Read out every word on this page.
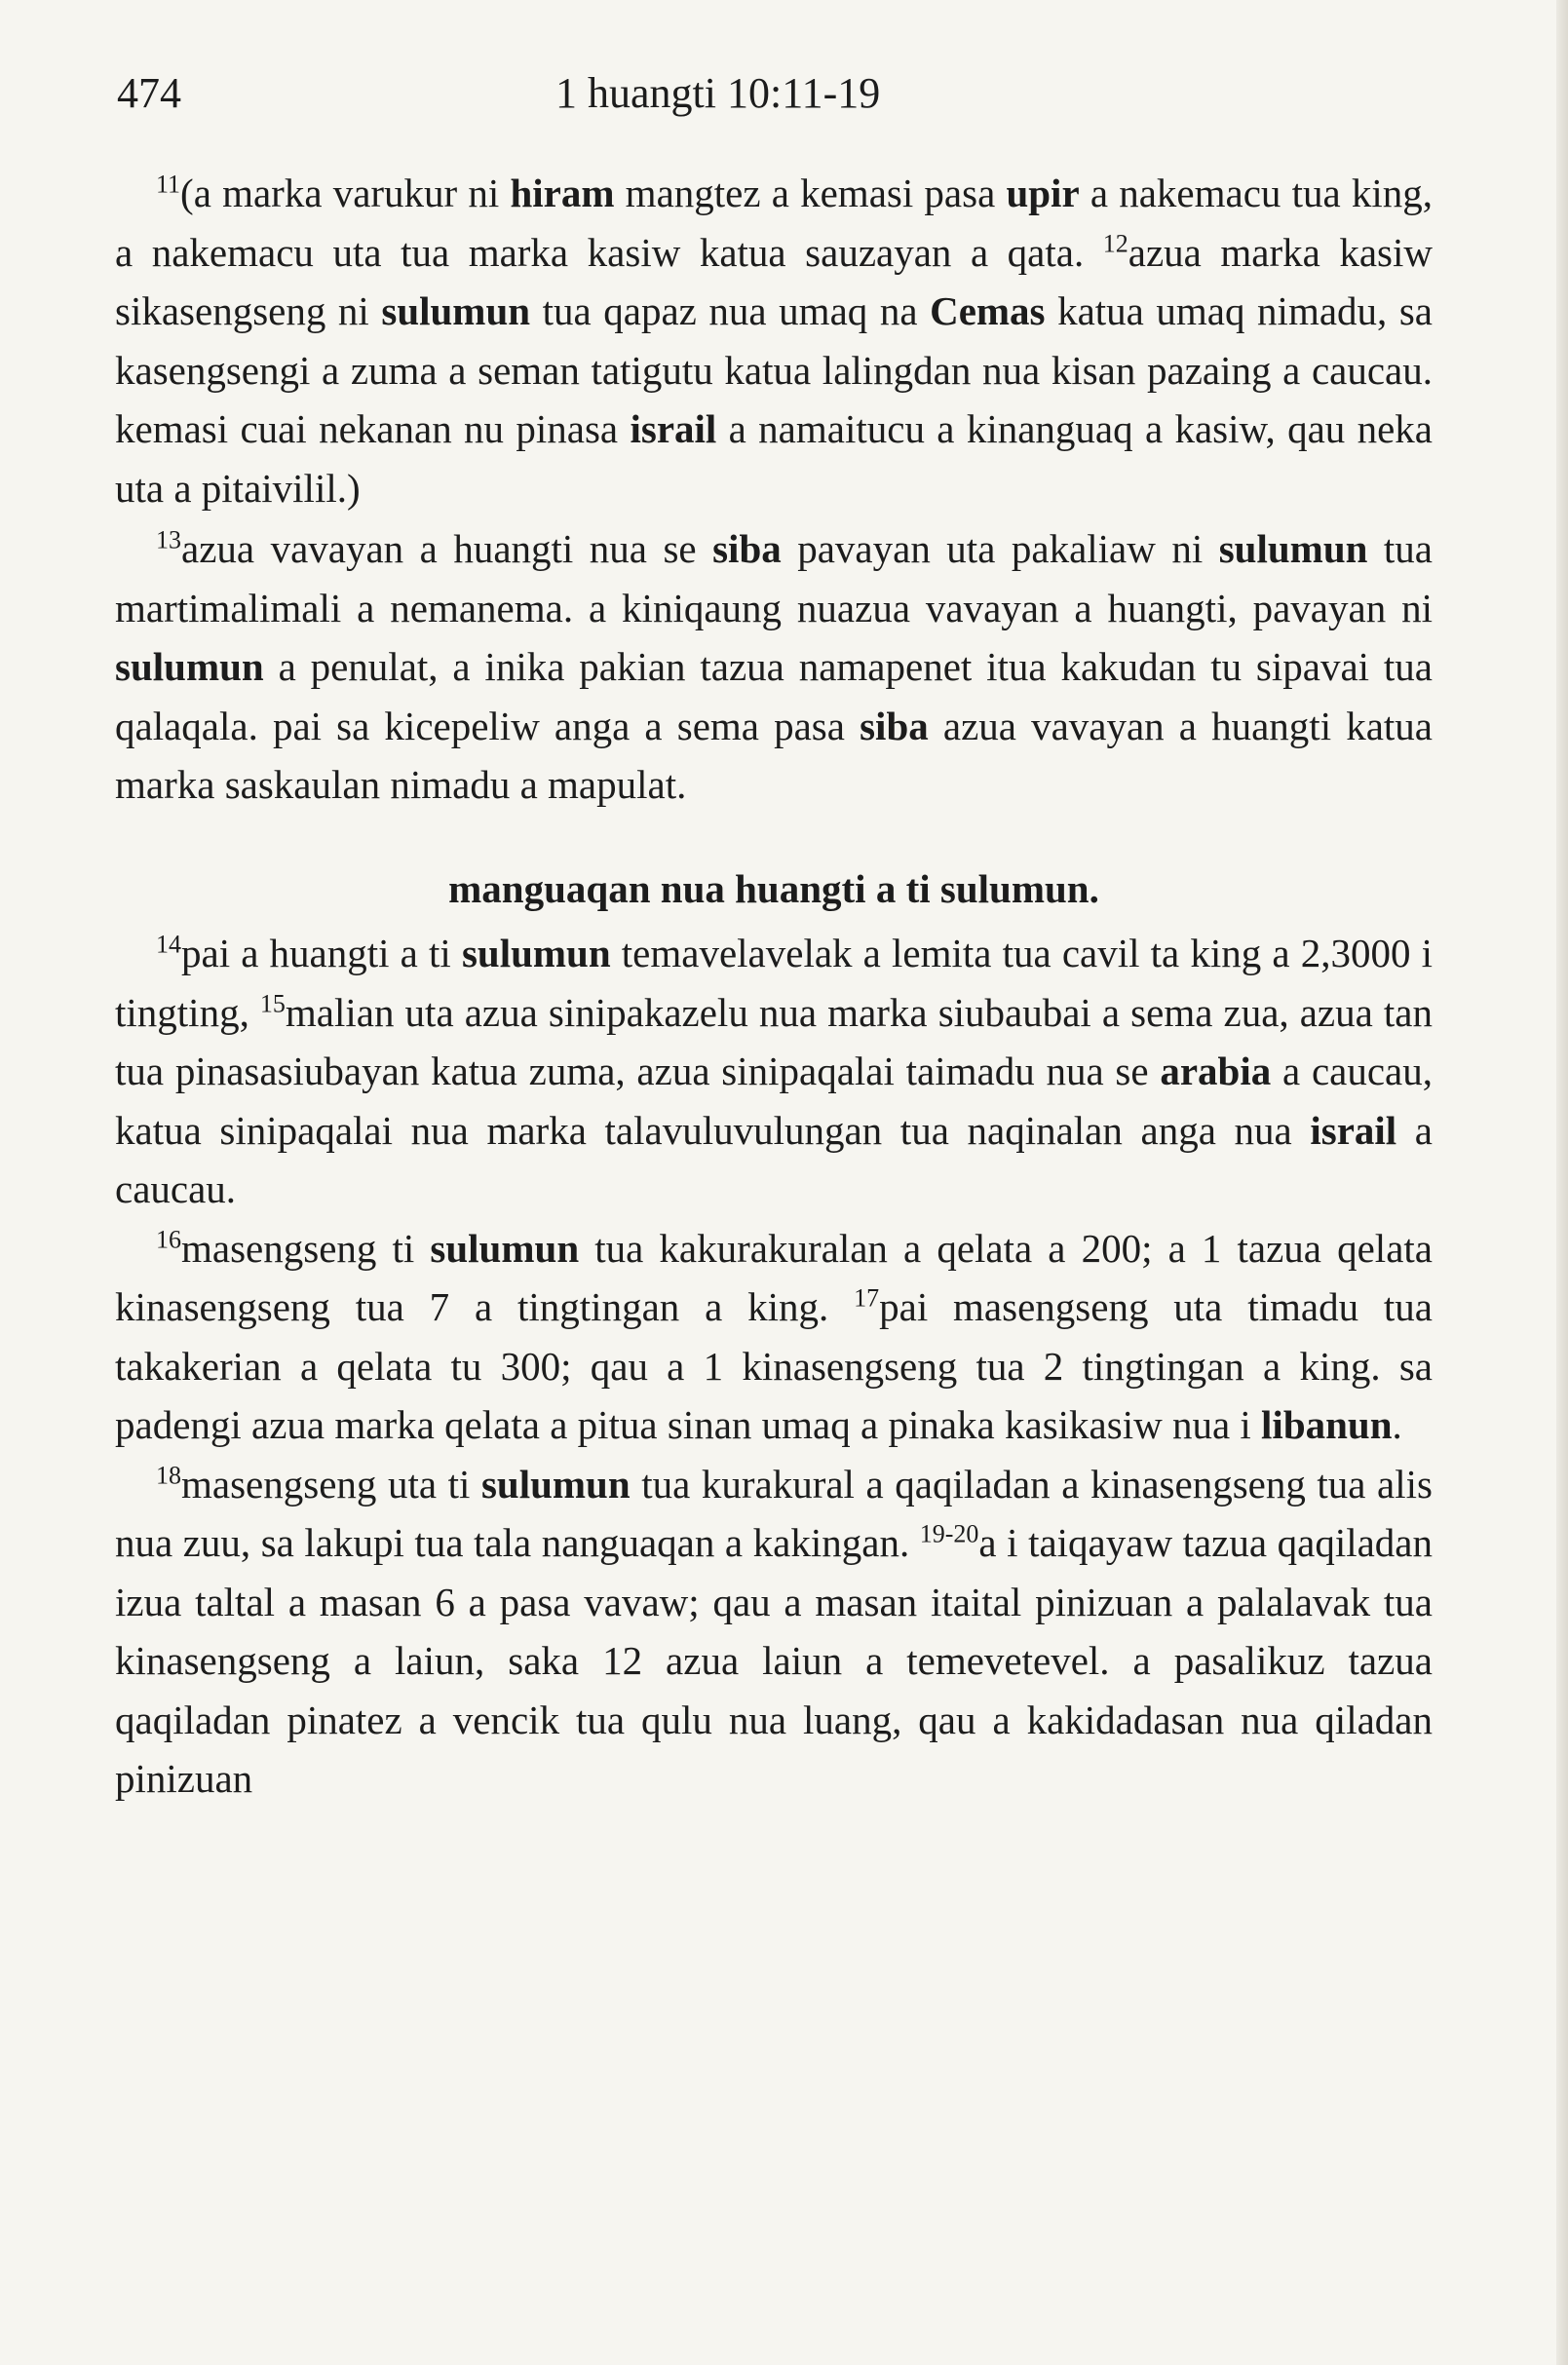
474	1 huangti 10:11-19

$^{11}$(a marka varukur ni hiram mangtez a kemasi pasa upir a nakemacu tua king, a nakemacu uta tua marka kasiw katua sauzayan a qata. $^{12}$azua marka kasiw sikasengseng ni sulumun tua qapaz nua umaq na Cemas katua umaq nimadu, sa kasengsengi a zuma a seman tatigutu katua lalingdan nua kisan pazaing a caucau. kemasi cuai nekanan nu pinasa israil a namaitucu a kinanguaq a kasiw, qau neka uta a pitaivilil.)

$^{13}$azua vavayan a huangti nua se siba pavayan uta pakaliaw ni sulumun tua martimalimali a nemanema. a kiniqaung nuazua vavayan a huangti, pavayan ni sulumun a penulat, a inika pakian tazua namapenet itua kakudan tu sipavai tua qalaqala. pai sa kicepeliw anga a sema pasa siba azua vavayan a huangti katua marka saskaulan nimadu a mapulat.

manguaqan nua huangti a ti sulumun.

$^{14}$pai a huangti a ti sulumun temavelavelak a lemita tua cavil ta king a 2,3000 i tingting, $^{15}$malian uta azua sinipakazelu nua marka siubaubai a sema zua, azua tan tua pinasasiubayan katua zuma, azua sinipaqalai taimadu nua se arabia a caucau, katua sinipaqalai nua marka talavuluvulungan tua naqinalan anga nua israil a caucau.

$^{16}$masengseng ti sulumun tua kakurakuralan a qelata a 200; a 1 tazua qelata kinasengseng tua 7 a tingtingan a king. $^{17}$pai masengseng uta timadu tua takakerian a qelata tu 300; qau a 1 kinasengseng tua 2 tingtingan a king. sa padengi azua marka qelata a pitua sinan umaq a pinaka kasikasiw nua i libanun.

$^{18}$masengseng uta ti sulumun tua kurakural a qaqiladan a kinasengseng tua alis nua zuu, sa lakupi tua tala nanguaqan a kakingan. $^{19-20}$a i taiqayaw tazua qaqiladan izua taltal a masan 6 a pasa vavaw; qau a masan itaital pinizuan a palalavak tua kinasengseng a laiun, saka 12 azua laiun a temevetevel. a pasalikuz tazua qaqiladan pinatez a vencik tua qulu nua luang, qau a kakidadasan nua qiladan pinizuan
